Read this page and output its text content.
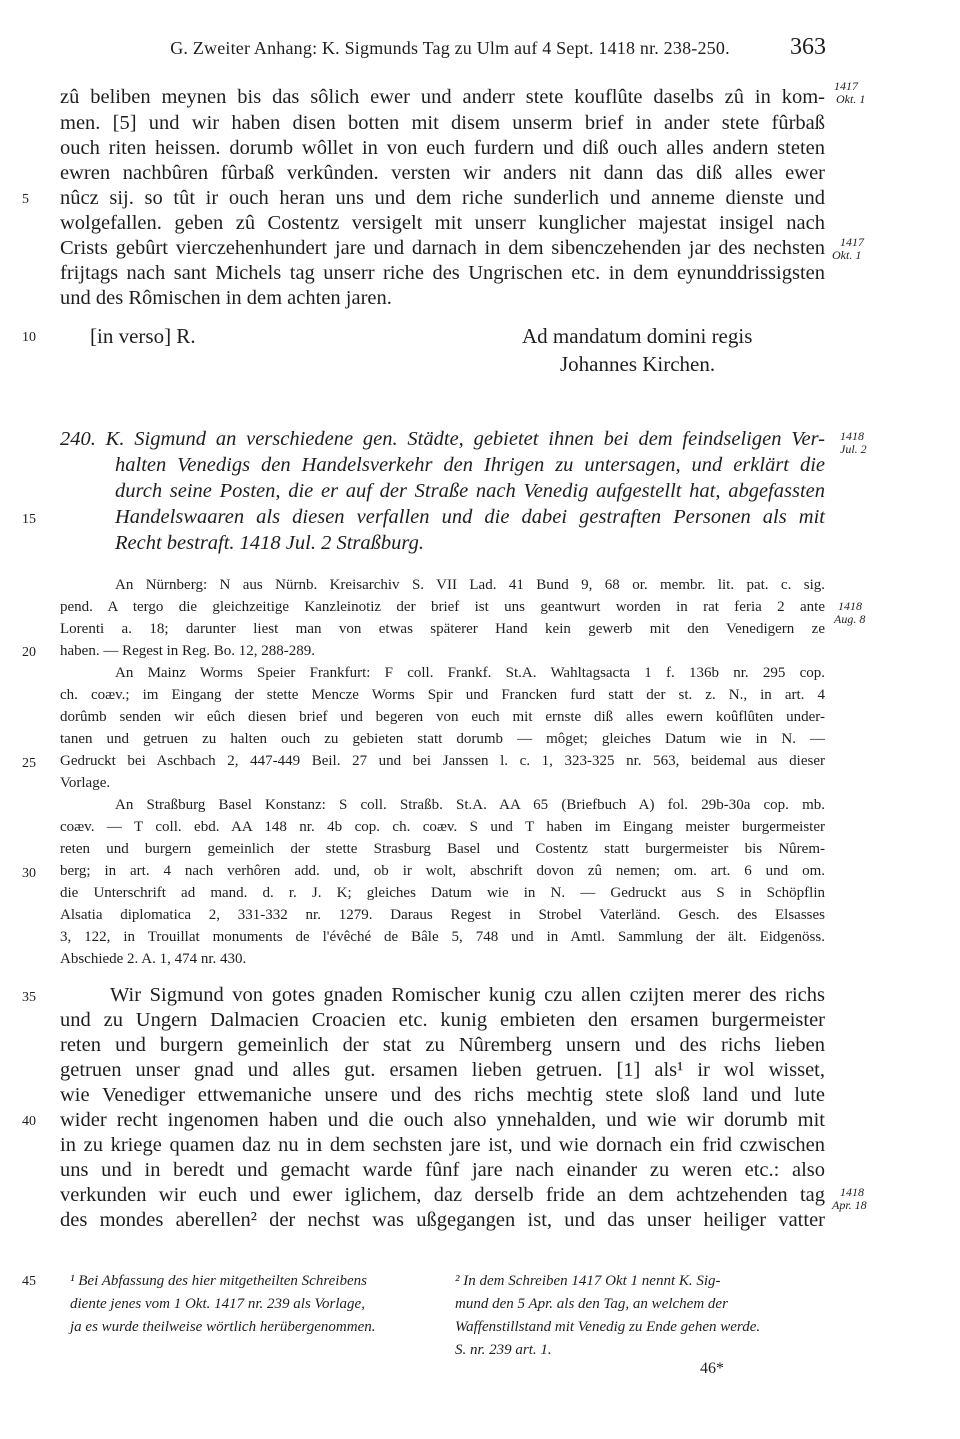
G. Zweiter Anhang: K. Sigmunds Tag zu Ulm auf 4 Sept. 1418 nr. 238-250.	363
zû beliben meynen bis das sôlich ewer und anderr stete kouflûte daselbs zû in kom-
men. [5] und wir haben disen botten mit disem unserm brief in ander stete fûrbaß
ouch riten heissen. dorumb wôllet in von euch furdern und diß ouch alles andern steten
ewren nachbûren fûrbaß verkûnden. versten wir anders nit dann das diß alles ewer
nûcz sij. so tût ir ouch heran uns und dem riche sunderlich und anneme dienste und
wolgefallen. geben zû Costentz versigelt mit unserr kunglicher majestat insigel nach
Crists gebûrt vierczehenhundert jare und darnach in dem sibenczehenden jar des nechsten
frijtags nach sant Michels tag unserr riche des Ungrischen etc. in dem eynunddrissigsten
und des Rômischen in dem achten jaren.
[in verso] R.	Ad mandatum domini regis
Johannes Kirchen.
240. K. Sigmund an verschiedene gen. Städte, gebietet ihnen bei dem feindseligen Ver-
halten Venedigs den Handelsverkehr den Ihrigen zu untersagen, und erklärt die
durch seine Posten, die er auf der Straße nach Venedig aufgestellt hat, abgefassten
Handelswaaren als diesen verfallen und die dabei gestraften Personen als mit
Recht bestraft. 1418 Jul. 2 Straßburg.
An Nürnberg: N aus Nürnb. Kreisarchiv S. VII Lad. 41 Bund 9, 68 or. membr. lit. pat. c. sig.
pend. A tergo die gleichzeitige Kanzleinotiz der brief ist uns geantwurt worden in rat feria 2 ante
Lorenti a. 18; darunter liest man von etwas späterer Hand kein gewerb mit den Venedigern ze
haben. — Regest in Reg. Bo. 12, 288-289.
An Mainz Worms Speier Frankfurt: F coll. Frankf. St.A. Wahltagsacta 1 f. 136b nr. 295 cop.
ch. coæv.; im Eingang der stette Mencze Worms Spir und Francken furd statt der st. z. N., in art. 4
dorûmb senden wir eûch diesen brief und begeren von euch mit ernste diß alles ewern koûflûten under-
tanen und getruen zu halten ouch zu gebieten statt dorumb — môget; gleiches Datum wie in N. —
Gedruckt bei Aschbach 2, 447-449 Beil. 27 und bei Janssen l. c. 1, 323-325 nr. 563, beidemal aus dieser
Vorlage.
An Straßburg Basel Konstanz: S coll. Straßb. St.A. AA 65 (Briefbuch A) fol. 29b-30a cop. mb.
coæv. — T coll. ebd. AA 148 nr. 4b cop. ch. coæv. S und T haben im Eingang meister burgermeister
reten und burgern gemeinlich der stette Strasburg Basel und Costentz statt burgermeister bis Nûrem-
berg; in art. 4 nach verhôren add. und, ob ir wolt, abschrift dovon zû nemen; om. art. 6 und om.
die Unterschrift ad mand. d. r. J. K; gleiches Datum wie in N. — Gedruckt aus S in Schöpflin
Alsatia diplomatica 2, 331-332 nr. 1279. Daraus Regest in Strobel Vaterländ. Gesch. des Elsasses
3, 122, in Trouillat monuments de l'évêché de Bâle 5, 748 und in Amtl. Sammlung der ält. Eidgenöss.
Abschiede 2. A. 1, 474 nr. 430.
Wir Sigmund von gotes gnaden Romischer kunig czu allen czijten merer des richs
und zu Ungern Dalmacien Croacien etc. kunig embieten den ersamen burgermeister
reten und burgern gemeinlich der stat zu Nûremberg unsern und des richs lieben
getruen unser gnad und alles gut. ersamen lieben getruen. [1] als¹ ir wol wisset,
wie Venediger ettwemaniche unsere und des richs mechtig stete sloß land und lute
wider recht ingenomen haben und die ouch also ynnehalden, und wie wir dorumb mit
in zu kriege quamen daz nu in dem sechsten jare ist, und wie dornach ein frid czwischen
uns und in beredt und gemacht warde fûnf jare nach einander zu weren etc.: also
verkunden wir euch und ewer iglichem, daz derselb fride an dem achtzehenden tag
des mondes aberellen² der nechst was ußgegangen ist, und das unser heiliger vatter
5
10
15
20
25
30
35
40
45
1417
Okt. 1
1417
Okt. 1
1418
Jul. 2
1418
Aug. 8
1418
Apr. 18
¹ Bei Abfassung des hier mitgetheilten Schreibens
diente jenes vom 1 Okt. 1417 nr. 239 als Vorlage,
ja es wurde theilweise wörtlich herübergenommen.
² In dem Schreiben 1417 Okt 1 nennt K. Sig-
mund den 5 Apr. als den Tag, an welchem der
Waffenstillstand mit Venedig zu Ende gehen werde.
S. nr. 239 art. 1.
46*
